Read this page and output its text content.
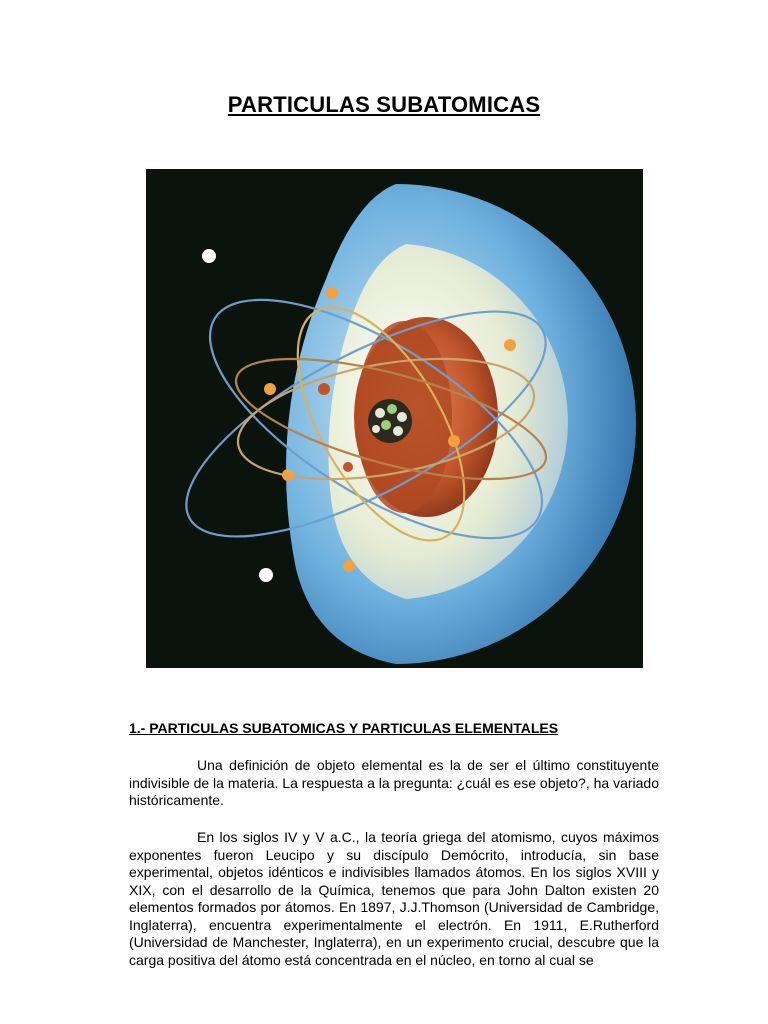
PARTICULAS SUBATOMICAS
1.- PARTICULAS SUBATOMICAS Y PARTICULAS ELEMENTALES

Una definición de objeto elemental es la de ser el último constituyente indivisible de la materia. La respuesta a la pregunta: ¿cuál es ese objeto?, ha variado históricamente.

En los siglos IV y V a.C., la teoría griega del atomismo, cuyos máximos exponentes fueron Leucipo y su discípulo Demócrito, introducía, sin base experimental, objetos idénticos e indivisibles llamados átomos. En los siglos XVIII y XIX, con el desarrollo de la Química, tenemos que para John Dalton existen 20 elementos formados por átomos. En 1897, J.J.Thomson (Universidad de Cambridge, Inglaterra), encuentra experimentalmente el electrón. En 1911, E.Rutherford (Universidad de Manchester, Inglaterra), en un experimento crucial, descubre que la carga positiva del átomo está concentrada en el núcleo, en torno al cual se
